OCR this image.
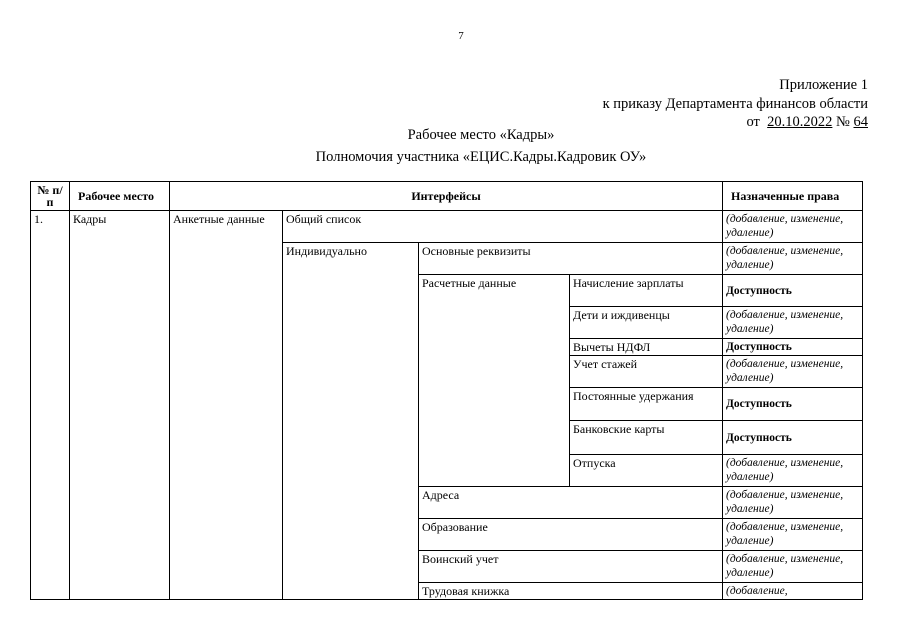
7
Приложение 1
к приказу Департамента финансов области
от 20.10.2022 № 64
Рабочее место «Кадры»
Полномочия участника «ЕЦИС.Кадры.Кадровик ОУ»
№ п/п	Рабочее место	Интерфейсы				Назначенные права
1.	Кадры	Анкетные данные	Общий список			(добавление, изменение, удаление)
			Индивидуально	Основные реквизиты		(добавление, изменение, удаление)
				Расчетные данные	Начисление зарплаты	Доступность
					Дети и иждивенцы	(добавление, изменение, удаление)
					Вычеты НДФЛ	Доступность
					Учет стажей	(добавление, изменение, удаление)
					Постоянные удержания	Доступность
					Банковские карты	Доступность
					Отпуска	(добавление, изменение, удаление)
				Адреса		(добавление, изменение, удаление)
				Образование		(добавление, изменение, удаление)
				Воинский учет		(добавление, изменение, удаление)
				Трудовая книжка		(добавление,
